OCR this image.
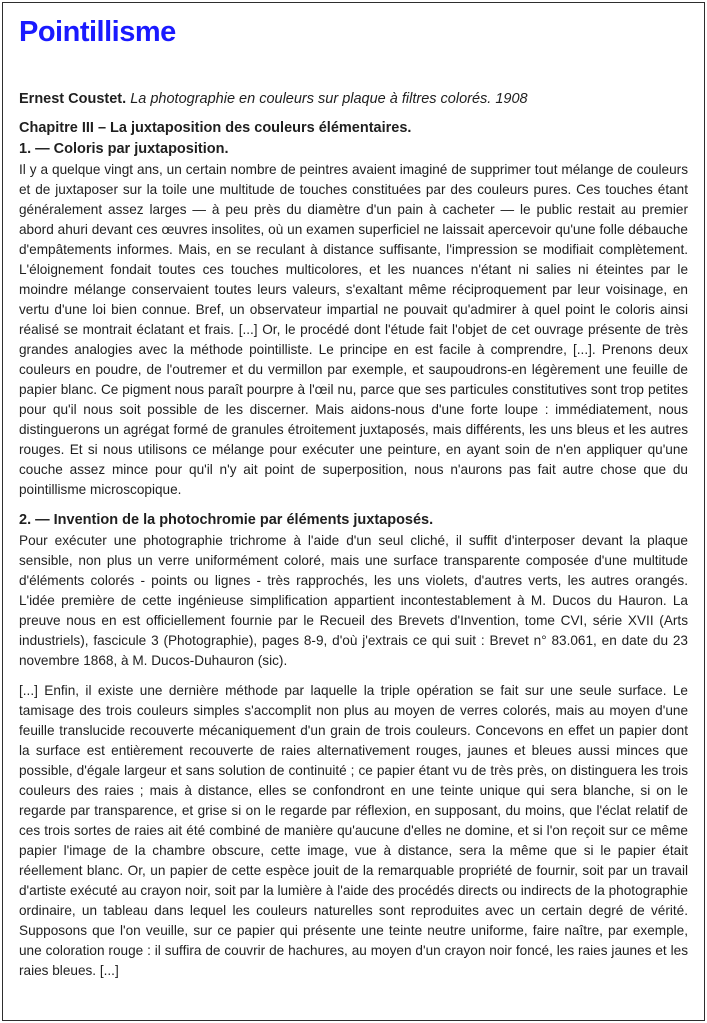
Pointillisme

Ernest Coustet. La photographie en couleurs sur plaque à filtres colorés. 1908

Chapitre III – La juxtaposition des couleurs élémentaires.

1. — Coloris par juxtaposition.

Il y a quelque vingt ans, un certain nombre de peintres avaient imaginé de supprimer tout mélange de couleurs et de juxtaposer sur la toile une multitude de touches constituées par des couleurs pures. Ces touches étant généralement assez larges — à peu près du diamètre d'un pain à cacheter — le public restait au premier abord ahuri devant ces œuvres insolites, où un examen superficiel ne laissait apercevoir qu'une folle débauche d'empâtements informes. Mais, en se reculant à distance suffisante, l'impression se modifiait complètement. L'éloignement fondait toutes ces touches multicolores, et les nuances n'étant ni salies ni éteintes par le moindre mélange conservaient toutes leurs valeurs, s'exaltant même réciproquement par leur voisinage, en vertu d'une loi bien connue. Bref, un observateur impartial ne pouvait qu'admirer à quel point le coloris ainsi réalisé se montrait éclatant et frais. [...] Or, le procédé dont l'étude fait l'objet de cet ouvrage présente de très grandes analogies avec la méthode pointilliste. Le principe en est facile à comprendre, [...]. Prenons deux couleurs en poudre, de l'outremer et du vermillon par exemple, et saupoudrons-en légèrement une feuille de papier blanc. Ce pigment nous paraît pourpre à l'œil nu, parce que ses particules constitutives sont trop petites pour qu'il nous soit possible de les discerner. Mais aidons-nous d'une forte loupe : immédiatement, nous distinguerons un agrégat formé de granules étroitement juxtaposés, mais différents, les uns bleus et les autres rouges. Et si nous utilisons ce mélange pour exécuter une peinture, en ayant soin de n'en appliquer qu'une couche assez mince pour qu'il n'y ait point de superposition, nous n'aurons pas fait autre chose que du pointillisme microscopique.

2. — Invention de la photochromie par éléments juxtaposés.

Pour exécuter une photographie trichrome à l'aide d'un seul cliché, il suffit d'interposer devant la plaque sensible, non plus un verre uniformément coloré, mais une surface transparente composée d'une multitude d'éléments colorés - points ou lignes - très rapprochés, les uns violets, d'autres verts, les autres orangés. L'idée première de cette ingénieuse simplification appartient incontestablement à M. Ducos du Hauron. La preuve nous en est officiellement fournie par le Recueil des Brevets d'Invention, tome CVI, série XVII (Arts industriels), fascicule 3 (Photographie), pages 8-9, d'où j'extrais ce qui suit : Brevet n° 83.061, en date du 23 novembre 1868, à M. Ducos-Duhauron (sic).

[...] Enfin, il existe une dernière méthode par laquelle la triple opération se fait sur une seule surface. Le tamisage des trois couleurs simples s'accomplit non plus au moyen de verres colorés, mais au moyen d'une feuille translucide recouverte mécaniquement d'un grain de trois couleurs. Concevons en effet un papier dont la surface est entièrement recouverte de raies alternativement rouges, jaunes et bleues aussi minces que possible, d'égale largeur et sans solution de continuité ; ce papier étant vu de très près, on distinguera les trois couleurs des raies ; mais à distance, elles se confondront en une teinte unique qui sera blanche, si on le regarde par transparence, et grise si on le regarde par réflexion, en supposant, du moins, que l'éclat relatif de ces trois sortes de raies ait été combiné de manière qu'aucune d'elles ne domine, et si l'on reçoit sur ce même papier l'image de la chambre obscure, cette image, vue à distance, sera la même que si le papier était réellement blanc. Or, un papier de cette espèce jouit de la remarquable propriété de fournir, soit par un travail d'artiste exécuté au crayon noir, soit par la lumière à l'aide des procédés directs ou indirects de la photographie ordinaire, un tableau dans lequel les couleurs naturelles sont reproduites avec un certain degré de vérité. Supposons que l'on veuille, sur ce papier qui présente une teinte neutre uniforme, faire naître, par exemple, une coloration rouge : il suffira de couvrir de hachures, au moyen d'un crayon noir foncé, les raies jaunes et les raies bleues. [...]
